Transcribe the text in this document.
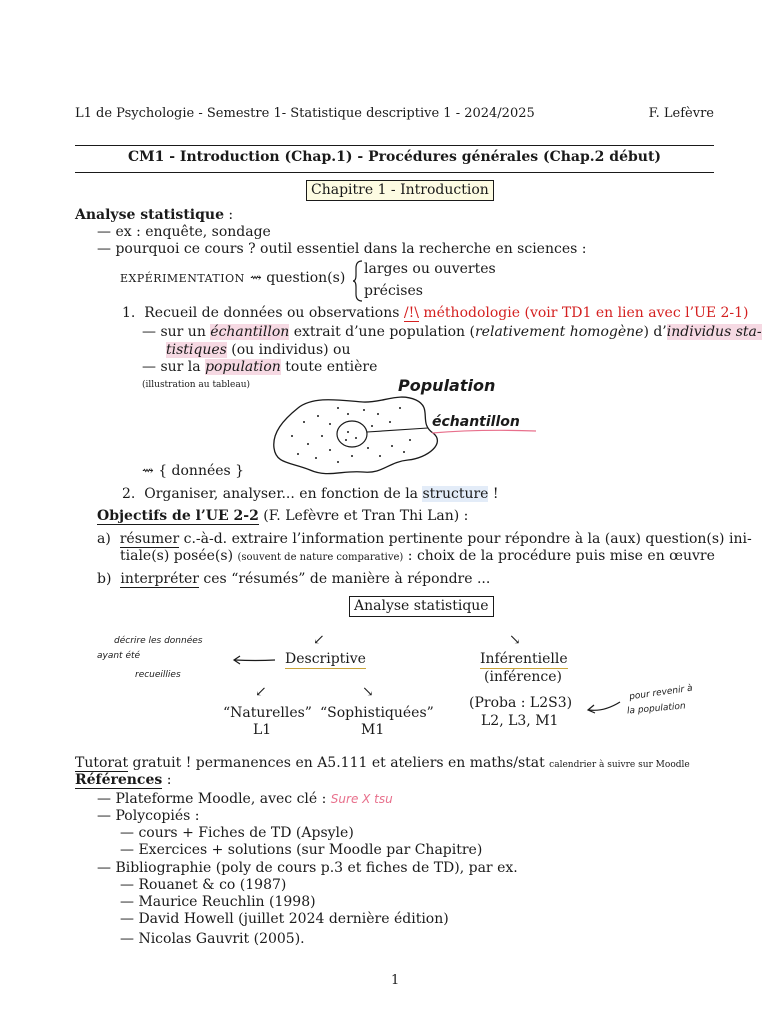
L1 de Psychologie - Semestre 1- Statistique descriptive 1 - 2024/2025	F. Lefèvre
CM1 - Introduction (Chap.1) - Procédures générales (Chap.2 début)
Chapitre 1 - Introduction
Analyse statistique :
— ex : enquête, sondage
— pourquoi ce cours ? outil essentiel dans la recherche en sciences :
EXPÉRIMENTATION ⇝ question(s)
larges ou ouvertes
précises
1. Recueil de données ou observations /!\ méthodologie (voir TD1 en lien avec l’UE 2-1)
— sur un échantillon extrait d’une population (relativement homogène) d’individus sta-
tistiques (ou individus) ou
— sur la population toute entière
(illustration au tableau)	Population
échantillon
⇝ { données }
2. Organiser, analyser... en fonction de la structure !
Objectifs de l’UE 2-2 (F. Lefèvre et Tran Thi Lan) :
a) résumer c.-à-d. extraire l’information pertinente pour répondre à la (aux) question(s) ini-
tiale(s) posée(s) (souvent de nature comparative) : choix de la procédure puis mise en œuvre
b) interpréter ces “résumés” de manière à répondre ...
Analyse statistique
↙	↘
Descriptive	Inférentielle
(inférence)
↙	↘
“Naturelles”
L1
“Sophistiquées”
M1
(Proba : L2S3)
L2, L3, M1
décrire les données
ayant été
recueillies
pour revenir à
la population
Tutorat gratuit ! permanences en A5.111 et ateliers en maths/stat calendrier à suivre sur Moodle
Références :
— Plateforme Moodle, avec clé : Sure X tsu
— Polycopiés :
— cours + Fiches de TD (Apsyle)
— Exercices + solutions (sur Moodle par Chapitre)
— Bibliographie (poly de cours p.3 et fiches de TD), par ex.
— Rouanet & co (1987)
— Maurice Reuchlin (1998)
— David Howell (juillet 2024 dernière édition)
— Nicolas Gauvrit (2005).
1
